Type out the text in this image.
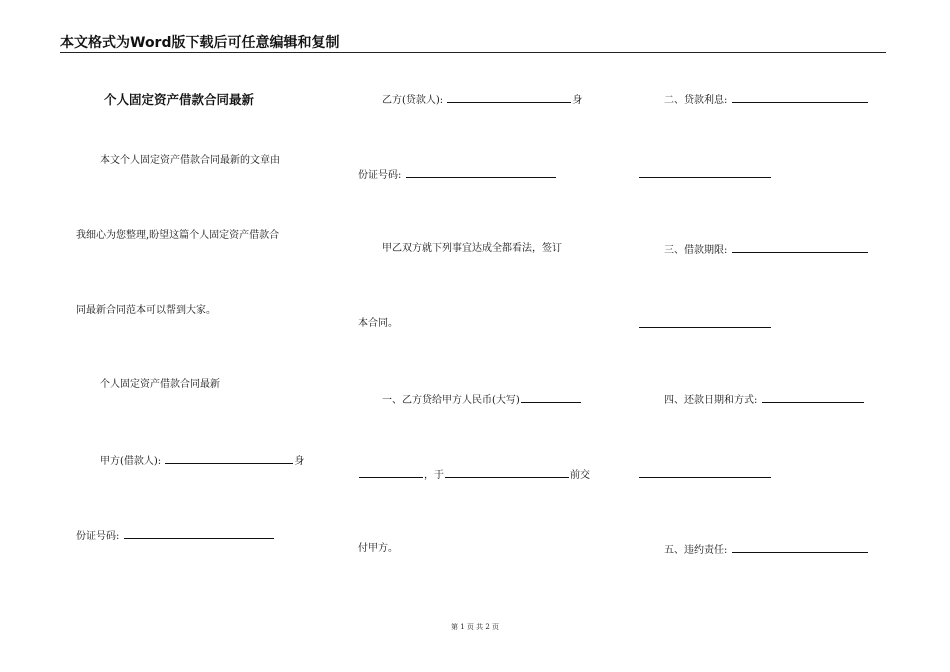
本文格式为Word版下载后可任意编辑和复制
个人固定资产借款合同最新
本文个人固定资产借款合同最新的文章由
我细心为您整理,盼望这篇个人固定资产借款合
同最新合同范本可以帮到大家。
个人固定资产借款合同最新
甲方(借款人):	身
份证号码:
乙方(贷款人):	身
份证号码:
甲乙双方就下列事宜达成全都看法，签订
本合同。
一、乙方贷给甲方人民币(大写)
，于	前交
付甲方。
二、贷款利息:
三、借款期限:
四、还款日期和方式:
五、违约责任:
第 1 页 共 2 页
